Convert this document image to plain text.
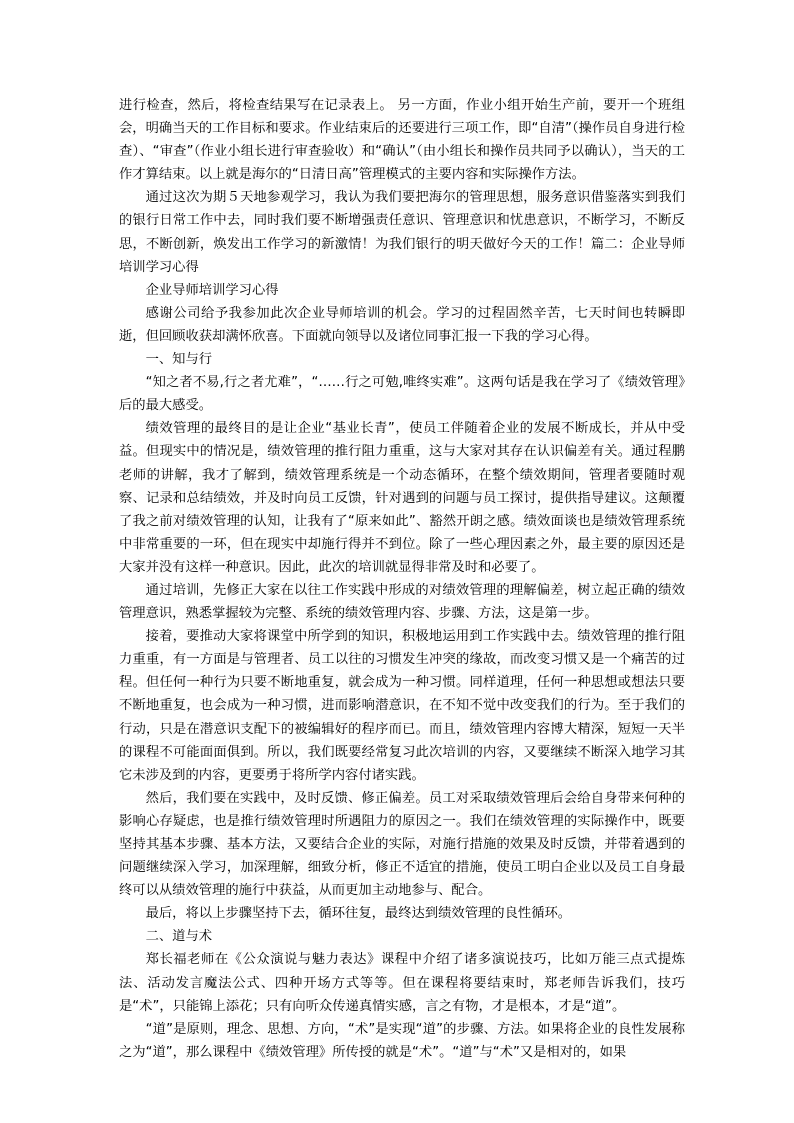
进行检查，然后，将检查结果写在记录表上。 另一方面，作业小组开始生产前，要开一个班组会，明确当天的工作目标和要求。作业结束后的还要进行三项工作，即“自清”（操作员自身进行检查）、“审查”（作业小组长进行审查验收）和“确认”（由小组长和操作员共同予以确认），当天的工作才算结束。以上就是海尔的“日清日高”管理模式的主要内容和实际操作方法。

通过这次为期５天地参观学习，我认为我们要把海尔的管理思想，服务意识借鉴落实到我们的银行日常工作中去，同时我们要不断增强责任意识、管理意识和忧患意识，不断学习，不断反思，不断创新，焕发出工作学习的新激情！为我们银行的明天做好今天的工作！篇二：企业导师培训学习心得

企业导师培训学习心得

感谢公司给予我参加此次企业导师培训的机会。学习的过程固然辛苦，七天时间也转瞬即逝，但回顾收获却满怀欣喜。下面就向领导以及诸位同事汇报一下我的学习心得。

一、知与行

“知之者不易,行之者尤难”，“……行之可勉,唯终实难”。这两句话是我在学习了《绩效管理》后的最大感受。

绩效管理的最终目的是让企业“基业长青”，使员工伴随着企业的发展不断成长，并从中受益。但现实中的情况是，绩效管理的推行阻力重重，这与大家对其存在认识偏差有关。通过程鹏老师的讲解，我才了解到，绩效管理系统是一个动态循环，在整个绩效期间，管理者要随时观察、记录和总结绩效，并及时向员工反馈，针对遇到的问题与员工探讨，提供指导建议。这颠覆了我之前对绩效管理的认知，让我有了“原来如此”、豁然开朗之感。绩效面谈也是绩效管理系统中非常重要的一环，但在现实中却施行得并不到位。除了一些心理因素之外，最主要的原因还是大家并没有这样一种意识。因此，此次的培训就显得非常及时和必要了。

通过培训，先修正大家在以往工作实践中形成的对绩效管理的理解偏差，树立起正确的绩效管理意识，熟悉掌握较为完整、系统的绩效管理内容、步骤、方法，这是第一步。

接着，要推动大家将课堂中所学到的知识，积极地运用到工作实践中去。绩效管理的推行阻力重重，有一方面是与管理者、员工以往的习惯发生冲突的缘故，而改变习惯又是一个痛苦的过程。但任何一种行为只要不断地重复，就会成为一种习惯。同样道理，任何一种思想或想法只要不断地重复，也会成为一种习惯，进而影响潜意识，在不知不觉中改变我们的行为。至于我们的行动，只是在潜意识支配下的被编辑好的程序而已。而且，绩效管理内容博大精深，短短一天半的课程不可能面面俱到。所以，我们既要经常复习此次培训的内容，又要继续不断深入地学习其它未涉及到的内容，更要勇于将所学内容付诸实践。

然后，我们要在实践中，及时反馈、修正偏差。员工对采取绩效管理后会给自身带来何种的影响心存疑虑，也是推行绩效管理时所遇阻力的原因之一。我们在绩效管理的实际操作中，既要坚持其基本步骤、基本方法，又要结合企业的实际，对施行措施的效果及时反馈，并带着遇到的问题继续深入学习，加深理解，细致分析，修正不适宜的措施，使员工明白企业以及员工自身最终可以从绩效管理的施行中获益，从而更加主动地参与、配合。

最后，将以上步骤坚持下去，循环往复，最终达到绩效管理的良性循环。

二、道与术

郑长福老师在《公众演说与魅力表达》课程中介绍了诸多演说技巧，比如万能三点式提炼法、活动发言魔法公式、四种开场方式等等。但在课程将要结束时，郑老师告诉我们，技巧是“术”，只能锦上添花；只有向听众传递真情实感，言之有物，才是根本，才是“道”。

“道”是原则，理念、思想、方向，“术”是实现“道”的步骤、方法。如果将企业的良性发展称之为“道”，那么课程中《绩效管理》所传授的就是“术”。“道”与“术”又是相对的，如果
